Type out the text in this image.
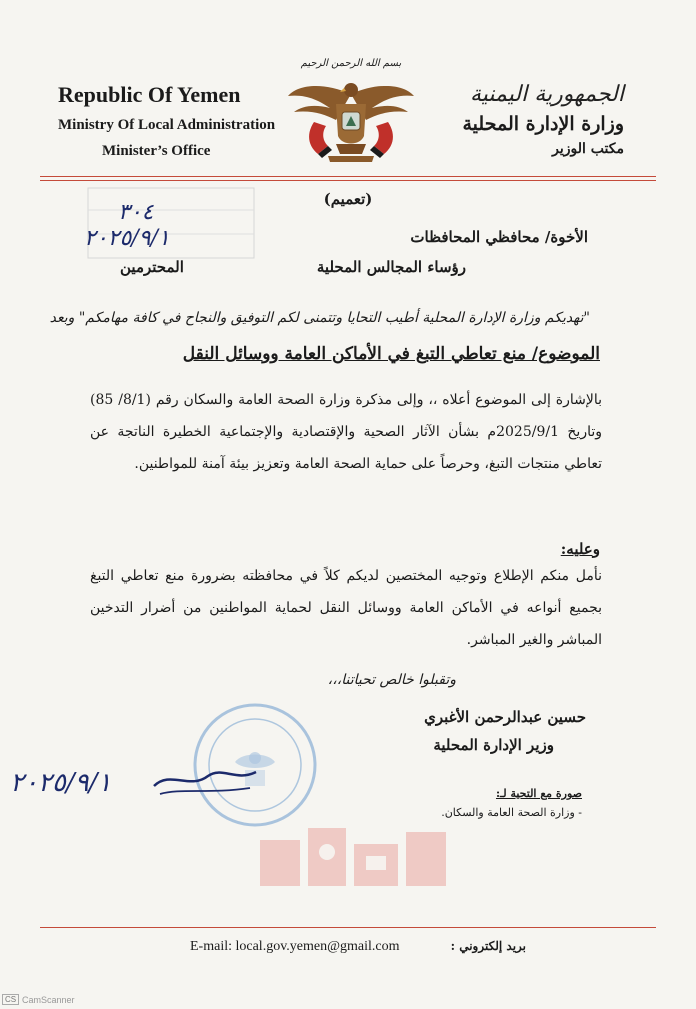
Republic Of Yemen
Ministry Of Local Administration
Minister’s Office
بسم الله الرحمن الرحيم
الجمهورية اليمنية
وزارة الإدارة المحلية
مكتب الوزير
٣٠٤
٢٠٢٥/٩/١
(تعميم)
الأخوة/ محافظي المحافظات
رؤساء المجالس المحلية
المحترمين
"تهديكم وزارة الإدارة المحلية أطيب التحايا وتتمنى لكم التوفيق والنجاح في كافة مهامكم" وبعد
الموضوع/ منع تعاطي التبغ في الأماكن العامة ووسائل النقل
بالإشارة إلى الموضوع أعلاه ،، وإلى مذكرة وزارة الصحة العامة والسكان رقم (8/1/ 85) وتاريخ 2025/9/1م بشأن الآثار الصحية والإقتصادية والإجتماعية الخطيرة الناتجة عن تعاطي منتجات التبغ، وحرصاً على حماية الصحة العامة وتعزيز بيئة آمنة للمواطنين.
وعليه:
نأمل منكم الإطلاع وتوجيه المختصين لديكم كلاً في محافظته بضرورة منع تعاطي التبغ بجميع أنواعه في الأماكن العامة ووسائل النقل لحماية المواطنين من أضرار التدخين المباشر والغير المباشر.
وتقبلوا خالص تحياتنا،،،
حسين عبدالرحمن الأغبري
وزير الإدارة المحلية
٢٠٢٥/٩/١	صورة مع التحية لـ:
- وزارة الصحة العامة والسكان.
E-mail: local.gov.yemen@gmail.com	بريد إلكتروني :
CS CamScanner
